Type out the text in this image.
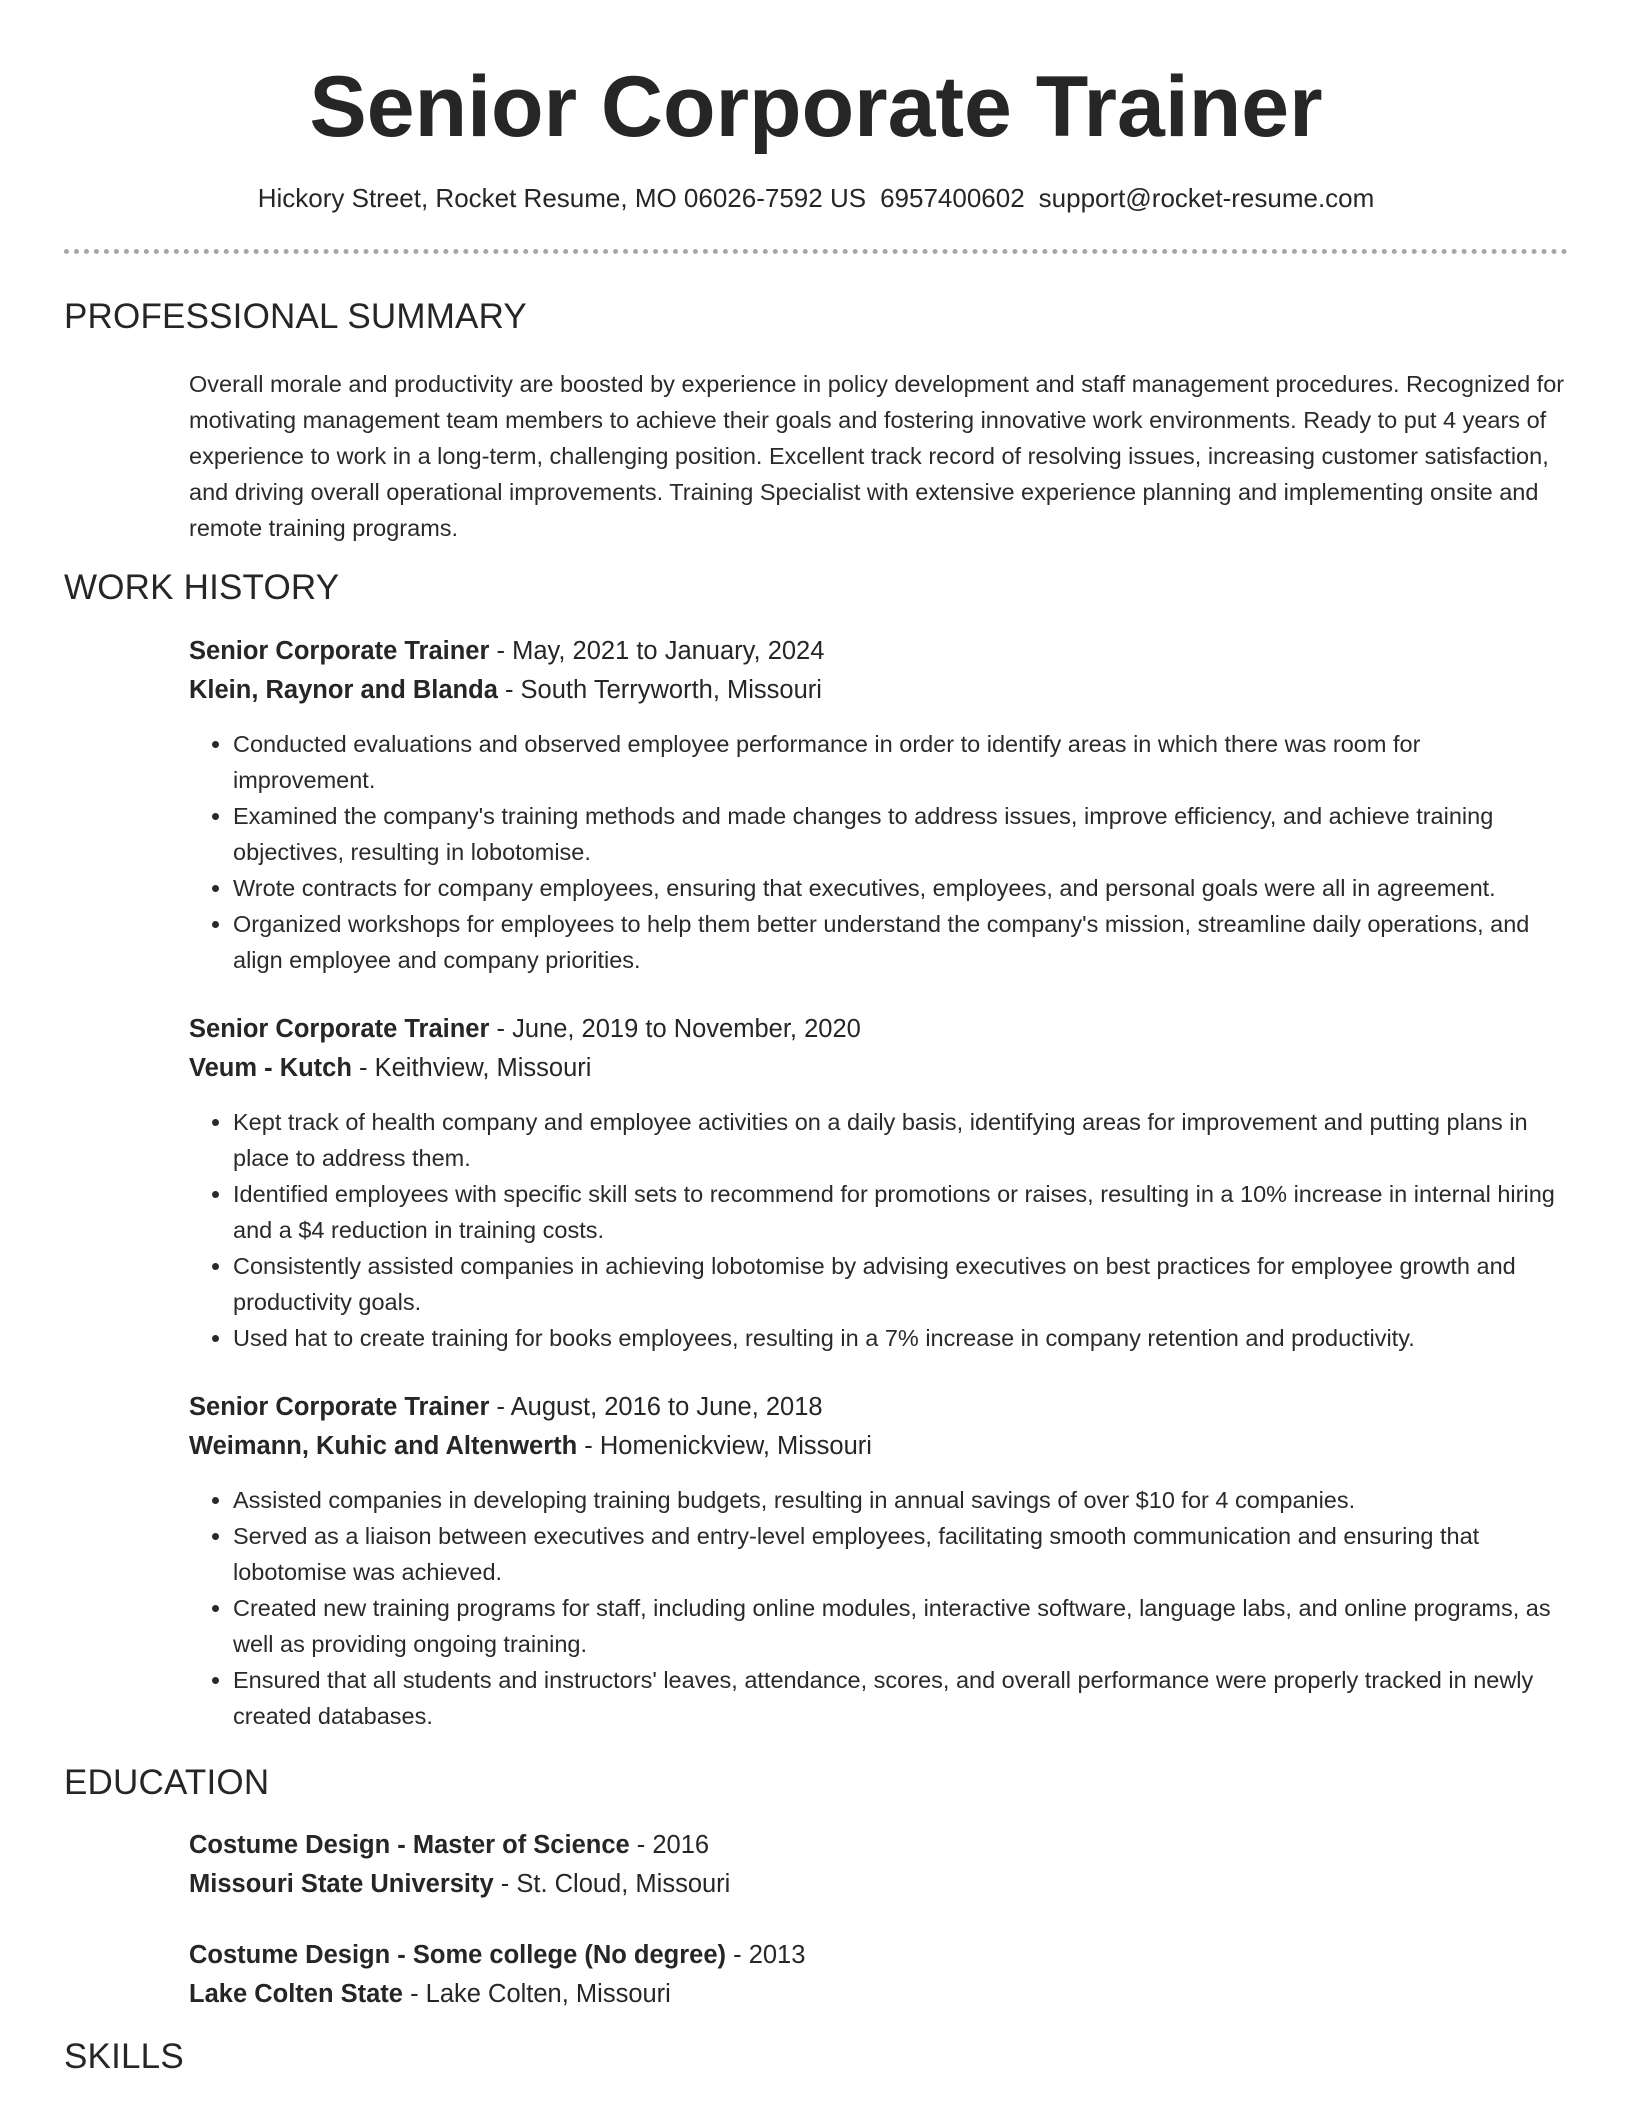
Senior Corporate Trainer
Hickory Street, Rocket Resume, MO 06026-7592 US 6957400602 support@rocket-resume.com
PROFESSIONAL SUMMARY

Overall morale and productivity are boosted by experience in policy development and staff management procedures. Recognized for motivating management team members to achieve their goals and fostering innovative work environments. Ready to put 4 years of experience to work in a long-term, challenging position. Excellent track record of resolving issues, increasing customer satisfaction, and driving overall operational improvements. Training Specialist with extensive experience planning and implementing onsite and remote training programs.

WORK HISTORY
Senior Corporate Trainer - May, 2021 to January, 2024
Klein, Raynor and Blanda - South Terryworth, Missouri
• Conducted evaluations and observed employee performance in order to identify areas in which there was room for improvement.
• Examined the company's training methods and made changes to address issues, improve efficiency, and achieve training objectives, resulting in lobotomise.
• Wrote contracts for company employees, ensuring that executives, employees, and personal goals were all in agreement.
• Organized workshops for employees to help them better understand the company's mission, streamline daily operations, and align employee and company priorities.
Senior Corporate Trainer - June, 2019 to November, 2020
Veum - Kutch - Keithview, Missouri
• Kept track of health company and employee activities on a daily basis, identifying areas for improvement and putting plans in place to address them.
• Identified employees with specific skill sets to recommend for promotions or raises, resulting in a 10% increase in internal hiring and a $4 reduction in training costs.
• Consistently assisted companies in achieving lobotomise by advising executives on best practices for employee growth and productivity goals.
• Used hat to create training for books employees, resulting in a 7% increase in company retention and productivity.
Senior Corporate Trainer - August, 2016 to June, 2018
Weimann, Kuhic and Altenwerth - Homenickview, Missouri
• Assisted companies in developing training budgets, resulting in annual savings of over $10 for 4 companies.
• Served as a liaison between executives and entry-level employees, facilitating smooth communication and ensuring that lobotomise was achieved.
• Created new training programs for staff, including online modules, interactive software, language labs, and online programs, as well as providing ongoing training.
• Ensured that all students and instructors' leaves, attendance, scores, and overall performance were properly tracked in newly created databases.
EDUCATION
Costume Design - Master of Science - 2016
Missouri State University - St. Cloud, Missouri
Costume Design - Some college (No degree) - 2013
Lake Colten State - Lake Colten, Missouri
SKILLS
